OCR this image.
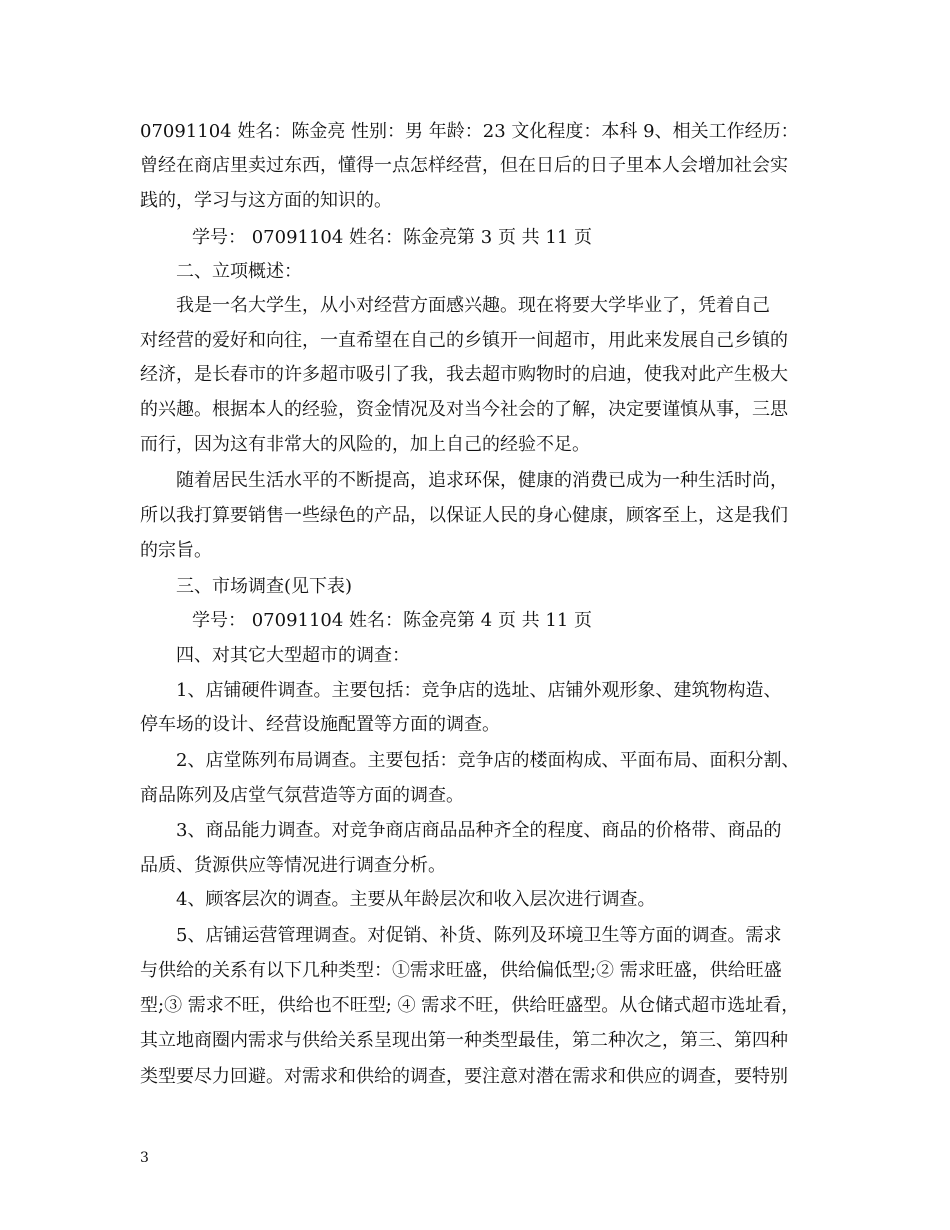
07091104 姓名：陈金亮 性别：男 年龄：23 文化程度：本科 9、相关工作经历：
曾经在商店里卖过东西，懂得一点怎样经营，但在日后的日子里本人会增加社会实
践的，学习与这方面的知识的。
学号： 07091104 姓名：陈金亮第 3 页 共 11 页
二、立项概述：
我是一名大学生，从小对经营方面感兴趣。现在将要大学毕业了，凭着自己
对经营的爱好和向往，一直希望在自己的乡镇开一间超市，用此来发展自己乡镇的
经济，是长春市的许多超市吸引了我，我去超市购物时的启迪，使我对此产生极大
的兴趣。根据本人的经验，资金情况及对当今社会的了解，决定要谨慎从事，三思
而行，因为这有非常大的风险的，加上自己的经验不足。
随着居民生活水平的不断提高，追求环保，健康的消费已成为一种生活时尚，
所以我打算要销售一些绿色的产品，以保证人民的身心健康，顾客至上，这是我们
的宗旨。
三、市场调查(见下表)
学号： 07091104 姓名：陈金亮第 4 页 共 11 页
四、对其它大型超市的调查：
1、店铺硬件调查。主要包括：竞争店的选址、店铺外观形象、建筑物构造、
停车场的设计、经营设施配置等方面的调查。
2、店堂陈列布局调查。主要包括：竞争店的楼面构成、平面布局、面积分割、
商品陈列及店堂气氛营造等方面的调查。
3、商品能力调查。对竞争商店商品品种齐全的程度、商品的价格带、商品的
品质、货源供应等情况进行调查分析。
4、顾客层次的调查。主要从年龄层次和收入层次进行调查。
5、店铺运营管理调查。对促销、补货、陈列及环境卫生等方面的调查。需求
与供给的关系有以下几种类型：①需求旺盛，供给偏低型;② 需求旺盛，供给旺盛
型;③ 需求不旺，供给也不旺型; ④ 需求不旺，供给旺盛型。从仓储式超市选址看，
其立地商圈内需求与供给关系呈现出第一种类型最佳，第二种次之，第三、第四种
类型要尽力回避。对需求和供给的调查，要注意对潜在需求和供应的调查，要特别
3
